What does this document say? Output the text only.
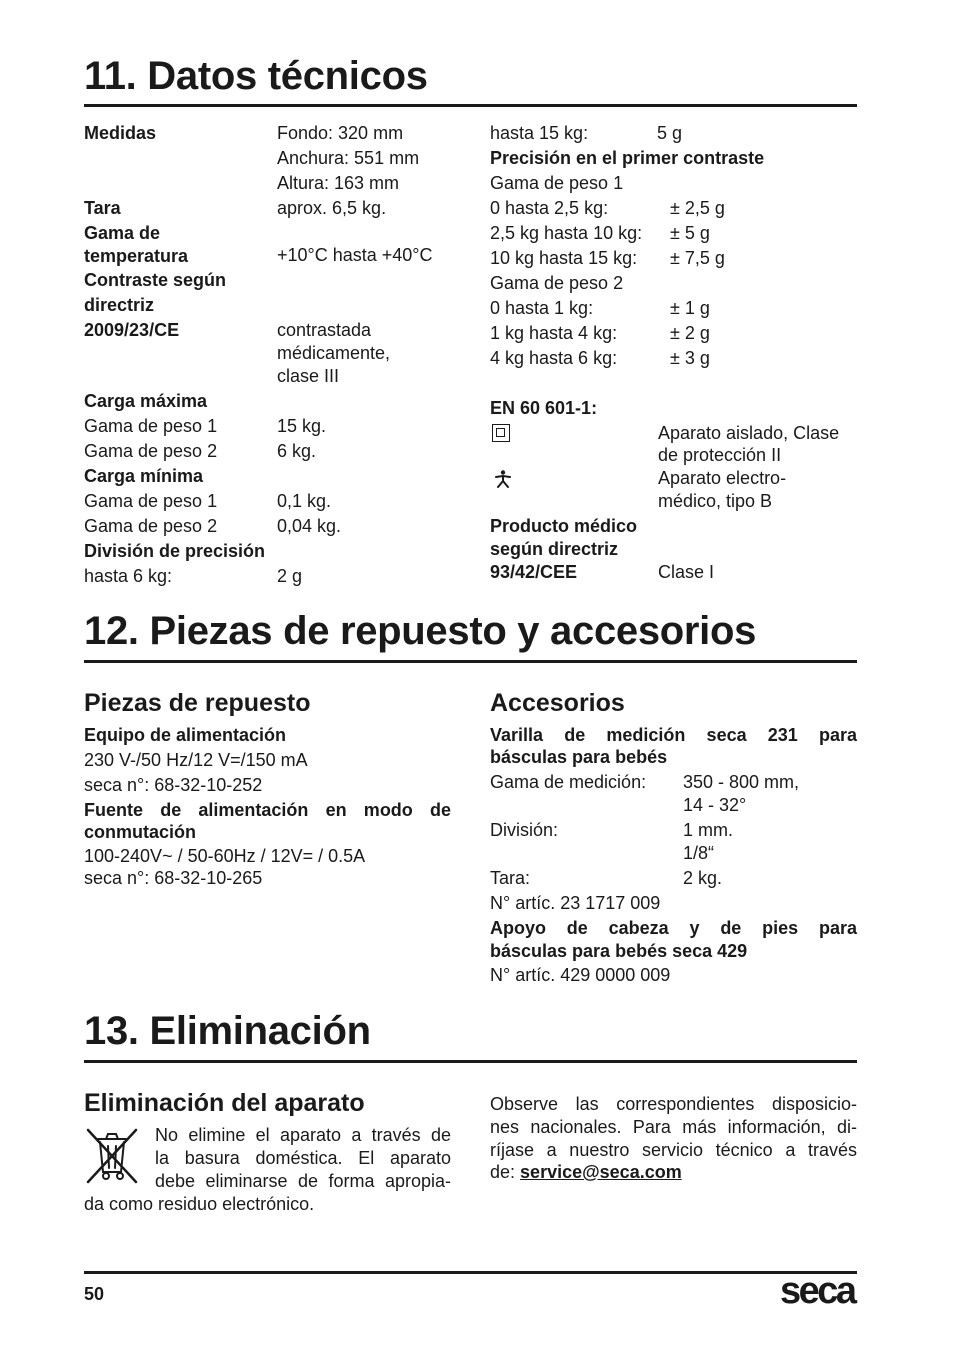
11. Datos técnicos
Medidas	Fondo: 320 mm
Anchura: 551 mm
Altura: 163 mm
Tara	aprox. 6,5 kg.
Gama de
temperatura	+10°C hasta +40°C
Contraste según
directriz
2009/23/CE	contrastada
médicamente,
clase III
Carga máxima
Gama de peso 1	15 kg.
Gama de peso 2	6 kg.
Carga mínima
Gama de peso 1	0,1 kg.
Gama de peso 2	0,04 kg.
División de precisión
hasta 6 kg:	2 g
hasta 15 kg:	5 g
Precisión en el primer contraste
Gama de peso 1
0 hasta 2,5 kg:	± 2,5 g
2,5 kg hasta 10 kg: ± 5 g
10 kg hasta 15 kg: ± 7,5 g
Gama de peso 2
0 hasta 1 kg:	± 1 g
1 kg hasta 4 kg:	± 2 g
4 kg hasta 6 kg:	± 3 g
EN 60 601-1:
Aparato aislado, Clase
de protección II
Aparato electro-
médico, tipo B
Producto médico
según directriz
93/42/CEE	Clase I
12. Piezas de repuesto y accesorios
Piezas de repuesto
Equipo de alimentación
230 V-/50 Hz/12 V=/150 mA
seca n°: 68-32-10-252
Fuente de alimentación en modo de
conmutación
100-240V~ / 50-60Hz / 12V= / 0.5A
seca n°: 68-32-10-265
Accesorios
Varilla de medición seca 231 para
básculas para bebés
Gama de medición: 350 - 800 mm,
14 - 32°
División:	1 mm.
1/8“
Tara:	2 kg.
N° artíc. 23 1717 009
Apoyo de cabeza y de pies para
básculas para bebés seca 429
N° artíc. 429 0000 009
13. Eliminación
Eliminación del aparato
No elimine el aparato a través de
la basura doméstica. El aparato
debe eliminarse de forma apropia-
da como residuo electrónico.
Observe las correspondientes disposicio-
nes nacionales. Para más información, di-
ríjase a nuestro servicio técnico a través
de: service@seca.com
50	seca
